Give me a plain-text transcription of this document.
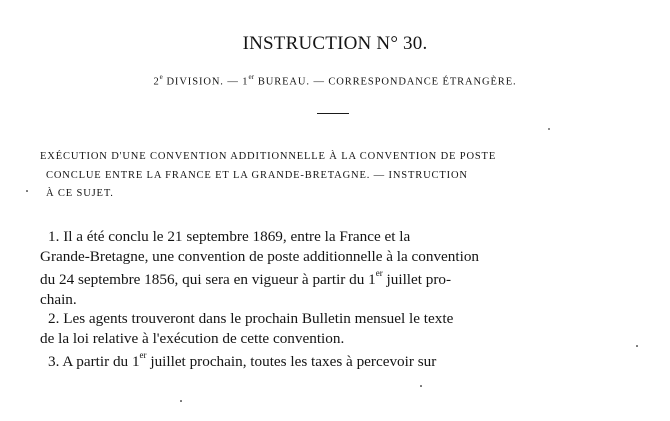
INSTRUCTION N° 30.
2e DIVISION. — 1er BUREAU. — CORRESPONDANCE ÉTRANGÈRE.
EXÉCUTION D'UNE CONVENTION ADDITIONNELLE À LA CONVENTION DE POSTE
CONCLUE ENTRE LA FRANCE ET LA GRANDE-BRETAGNE. — INSTRUCTION
À CE SUJET.
1. Il a été conclu le 21 septembre 1869, entre la France et la
Grande-Bretagne, une convention de poste additionnelle à la convention
du 24 septembre 1856, qui sera en vigueur à partir du 1er juillet pro-
chain.
2. Les agents trouveront dans le prochain Bulletin mensuel le texte
de la loi relative à l'exécution de cette convention.
3. A partir du 1er juillet prochain, toutes les taxes à percevoir sur
